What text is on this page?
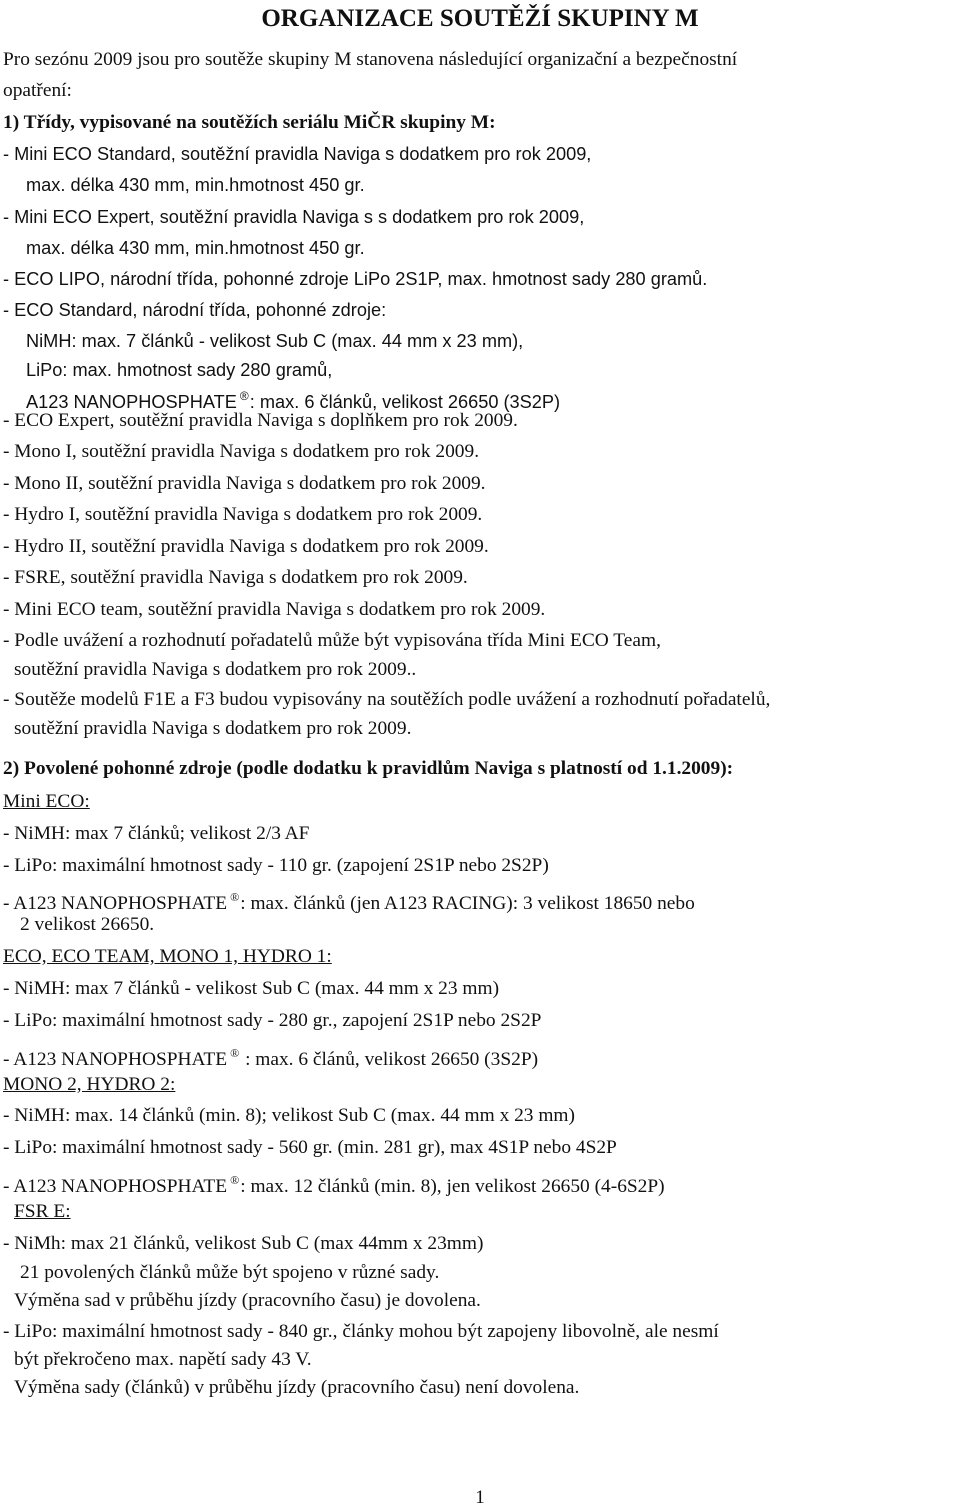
ORGANIZACE SOUTĚŽÍ SKUPINY M
Pro sezónu 2009 jsou pro soutěže skupiny M stanovena následující organizační a bezpečnostní
opatření:
1) Třídy, vypisované na soutěžích seriálu MiČR skupiny M:
- Mini ECO Standard, soutěžní pravidla Naviga s dodatkem pro rok 2009,
max. délka 430 mm, min.hmotnost 450 gr.
- Mini ECO Expert, soutěžní pravidla Naviga s s dodatkem pro rok 2009,
max. délka 430 mm, min.hmotnost 450 gr.
- ECO LIPO, národní třída, pohonné zdroje LiPo 2S1P, max. hmotnost sady 280 gramů.
- ECO Standard, národní třída, pohonné zdroje:
NiMH: max. 7 článků - velikost Sub C (max. 44 mm x 23 mm),
LiPo: max. hmotnost sady 280 gramů,
A123 NANOPHOSPHATE ®: max. 6 článků, velikost 26650 (3S2P)
- ECO Expert, soutěžní pravidla Naviga s doplňkem pro rok 2009.
- Mono I, soutěžní pravidla Naviga s dodatkem pro rok 2009.
- Mono II, soutěžní pravidla Naviga s dodatkem pro rok 2009.
- Hydro I, soutěžní pravidla Naviga s dodatkem pro rok 2009.
- Hydro II, soutěžní pravidla Naviga s dodatkem pro rok 2009.
- FSRE, soutěžní pravidla Naviga s dodatkem pro rok 2009.
- Mini ECO team, soutěžní pravidla Naviga s dodatkem pro rok 2009.
- Podle uvážení a rozhodnutí pořadatelů může být vypisována třída Mini ECO Team,
soutěžní pravidla Naviga s dodatkem pro rok 2009..
- Soutěže modelů F1E a F3 budou vypisovány na soutěžích podle uvážení a rozhodnutí pořadatelů,
soutěžní pravidla Naviga s dodatkem pro rok 2009.
2) Povolené pohonné zdroje (podle dodatku k pravidlům Naviga s platností od 1.1.2009):
Mini ECO:
- NiMH: max 7 článků; velikost 2/3 AF
- LiPo: maximální hmotnost sady - 110 gr. (zapojení 2S1P nebo 2S2P)
- A123 NANOPHOSPHATE ®: max. článků (jen A123 RACING): 3 velikost 18650 nebo
2 velikost 26650.
ECO, ECO TEAM, MONO 1, HYDRO 1:
- NiMH: max 7 článků - velikost Sub C (max. 44 mm x 23 mm)
- LiPo: maximální hmotnost sady - 280 gr., zapojení 2S1P nebo 2S2P
- A123 NANOPHOSPHATE ® : max. 6 článů, velikost 26650 (3S2P)
MONO 2, HYDRO 2:
- NiMH: max. 14 článků (min. 8); velikost Sub C (max. 44 mm x 23 mm)
- LiPo: maximální hmotnost sady - 560 gr. (min. 281 gr), max 4S1P nebo 4S2P
- A123 NANOPHOSPHATE ®: max. 12 článků (min. 8), jen velikost 26650 (4-6S2P)
FSR E:
- NiMh: max 21 článků, velikost Sub C (max 44mm x 23mm)
21 povolených článků může být spojeno v různé sady.
Výměna sad v průběhu jízdy (pracovního času) je dovolena.
- LiPo: maximální hmotnost sady - 840 gr., články mohou být zapojeny libovolně, ale nesmí
být překročeno max. napětí sady 43 V.
Výměna sady (článků) v průběhu jízdy (pracovního času) není dovolena.
1
